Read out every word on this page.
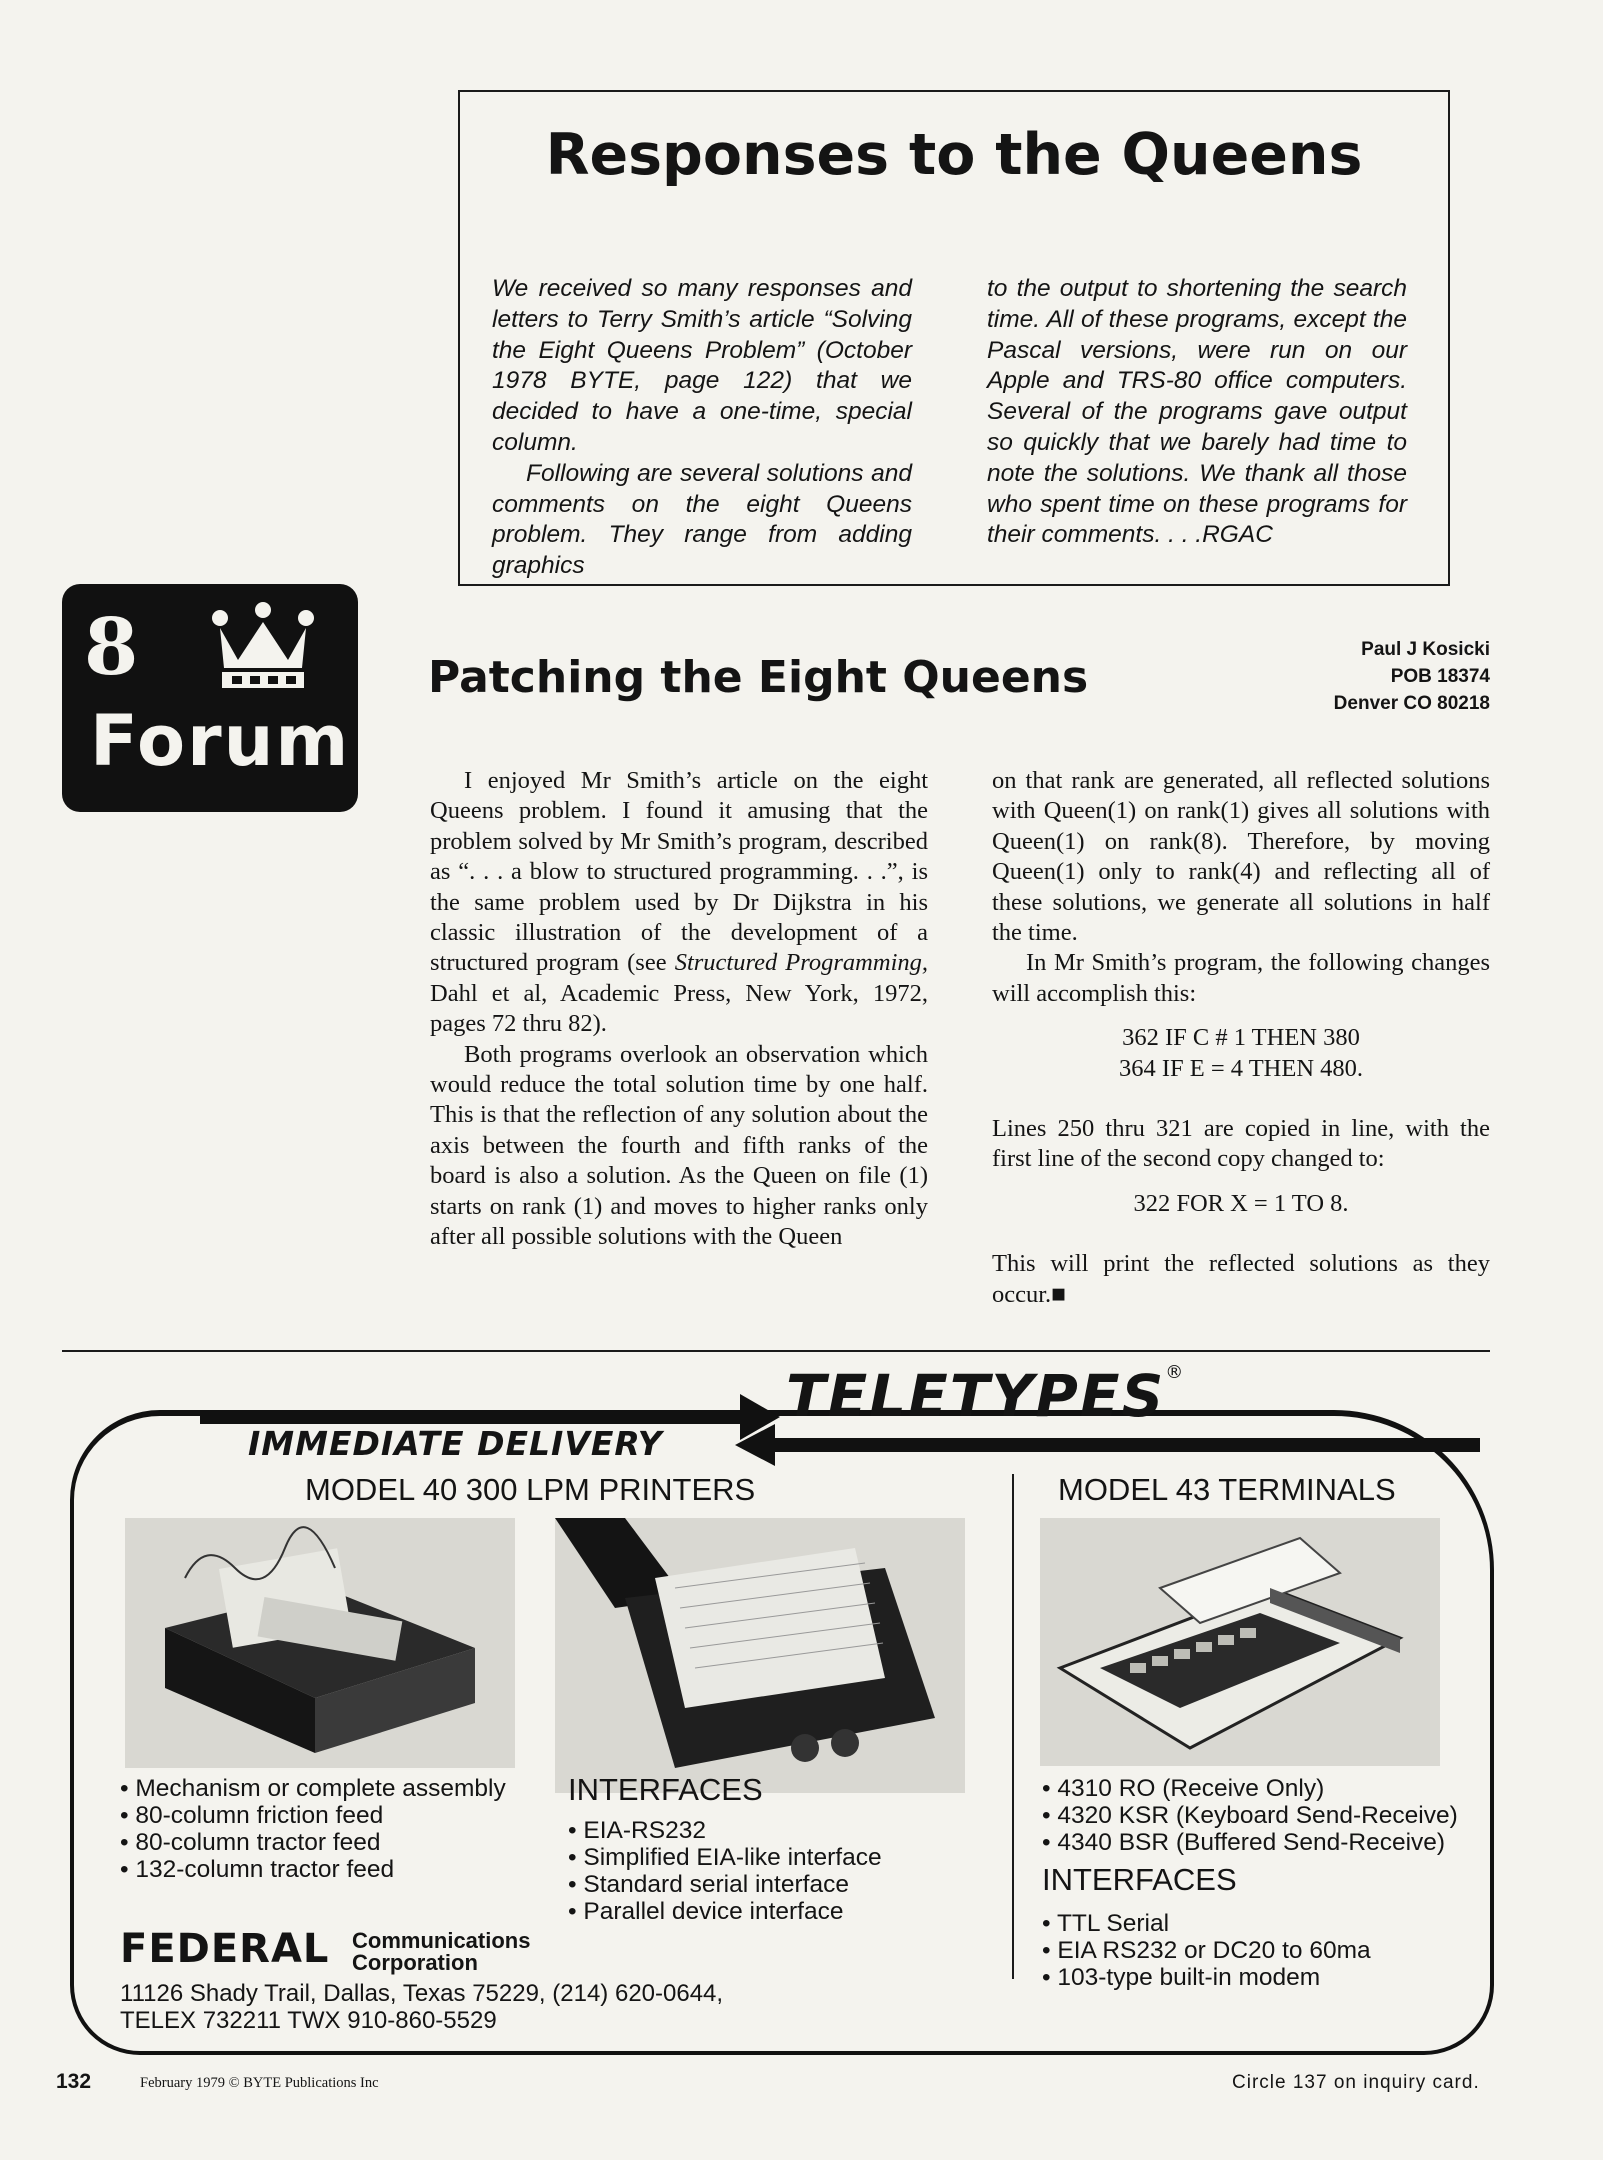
Responses to the Queens

We received so many responses and letters to Terry Smith’s article “Solving the Eight Queens Problem” (October 1978 BYTE, page 122) that we decided to have a one-time, special column.

Following are several solutions and comments on the eight Queens problem. They range from adding graphics

to the output to shortening the search time. All of these programs, except the Pascal versions, were run on our Apple and TRS-80 office computers. Several of the programs gave output so quickly that we barely had time to note the solutions. We thank all those who spent time on these programs for their comments. . . .RGAC

8
Forum
Patching the Eight Queens
Paul J Kosicki
POB 18374
Denver CO 80218

I enjoyed Mr Smith’s article on the eight Queens problem. I found it amusing that the problem solved by Mr Smith’s program, described as “. . . a blow to structured programming. . .”, is the same problem used by Dr Dijkstra in his classic illustration of the development of a structured program (see Structured Programming, Dahl et al, Academic Press, New York, 1972, pages 72 thru 82).

Both programs overlook an observation which would reduce the total solution time by one half. This is that the reflection of any solution about the axis between the fourth and fifth ranks of the board is also a solution. As the Queen on file (1) starts on rank (1) and moves to higher ranks only after all possible solutions with the Queen

on that rank are generated, all reflected solutions with Queen(1) on rank(1) gives all solutions with Queen(1) on rank(8). Therefore, by moving Queen(1) only to rank(4) and reflecting all of these solutions, we generate all solutions in half the time.

In Mr Smith’s program, the following changes will accomplish this:

362 IF C # 1 THEN 380

364 IF E = 4 THEN 480.

Lines 250 thru 321 are copied in line, with the first line of the second copy changed to:

322 FOR X = 1 TO 8.

This will print the reflected solutions as they occur.■

TELETYPES®
IMMEDIATE DELIVERY
MODEL 40 300 LPM PRINTERS	MODEL 43 TERMINALS
• Mechanism or complete assembly
• 80-column friction feed
• 80-column tractor feed
• 132-column tractor feed
INTERFACES
• EIA-RS232
• Simplified EIA-like interface
• Standard serial interface
• Parallel device interface
• 4310 RO (Receive Only)
• 4320 KSR (Keyboard Send-Receive)
• 4340 BSR (Buffered Send-Receive)
INTERFACES
• TTL Serial
• EIA RS232 or DC20 to 60ma
• 103-type built-in modem
FEDERAL Communications
Corporation
11126 Shady Trail, Dallas, Texas 75229, (214) 620-0644,
TELEX 732211 TWX 910-860-5529
132	February 1979 © BYTE Publications Inc	Circle 137 on inquiry card.
